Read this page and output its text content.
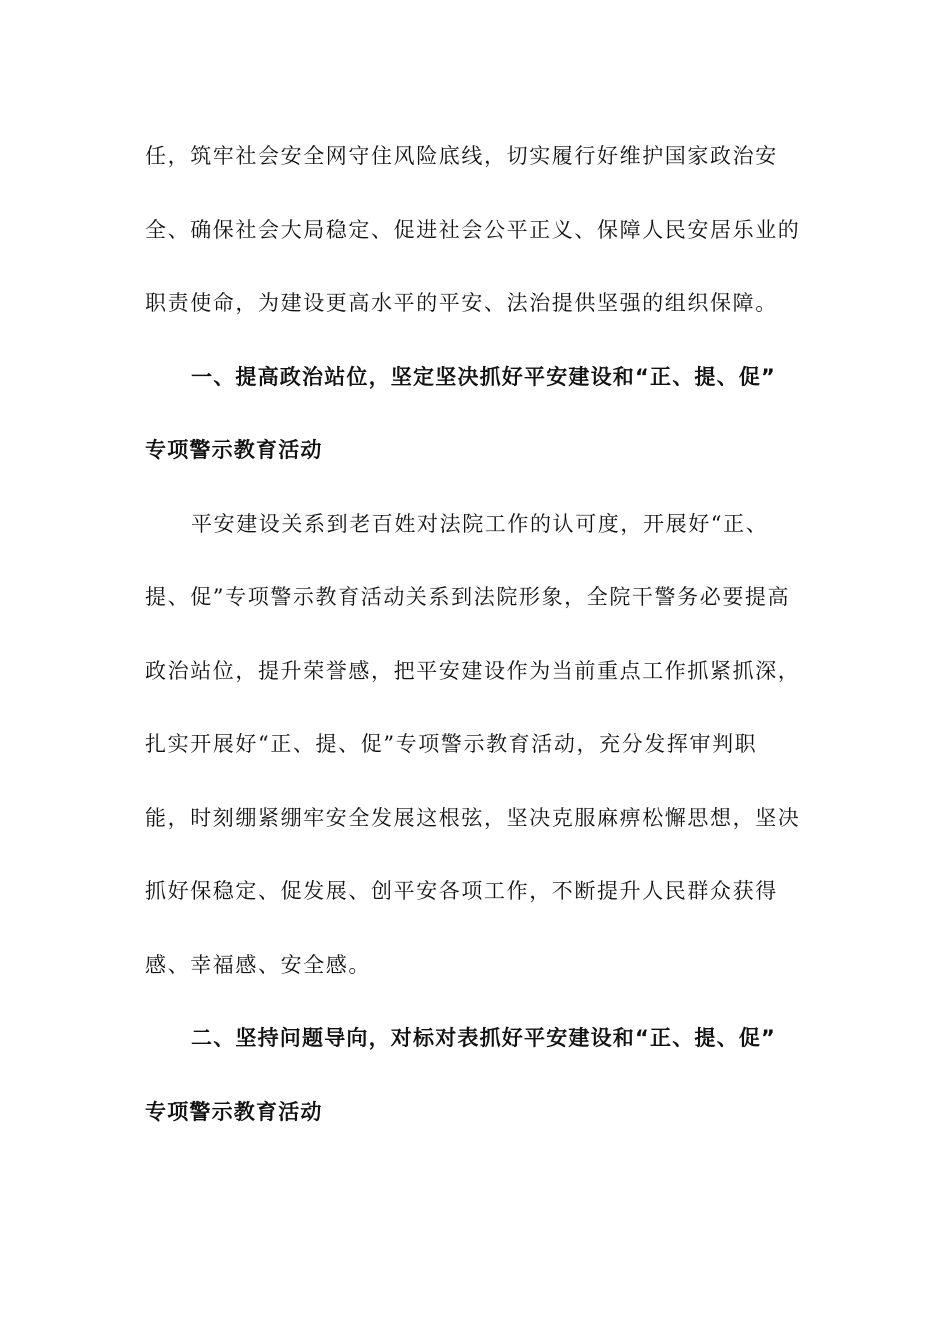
任，筑牢社会安全网守住风险底线，切实履行好维护国家政治安
全、确保社会大局稳定、促进社会公平正义、保障人民安居乐业的
职责使命，为建设更高水平的平安、法治提供坚强的组织保障。
一、提高政治站位，坚定坚决抓好平安建设和“正、提、促”
专项警示教育活动
平安建设关系到老百姓对法院工作的认可度，开展好“正、
提、促”专项警示教育活动关系到法院形象，全院干警务必要提高
政治站位，提升荣誉感，把平安建设作为当前重点工作抓紧抓深，
扎实开展好“正、提、促”专项警示教育活动，充分发挥审判职
能，时刻绷紧绷牢安全发展这根弦，坚决克服麻痹松懈思想，坚决
抓好保稳定、促发展、创平安各项工作，不断提升人民群众获得
感、幸福感、安全感。
二、坚持问题导向，对标对表抓好平安建设和“正、提、促”
专项警示教育活动
